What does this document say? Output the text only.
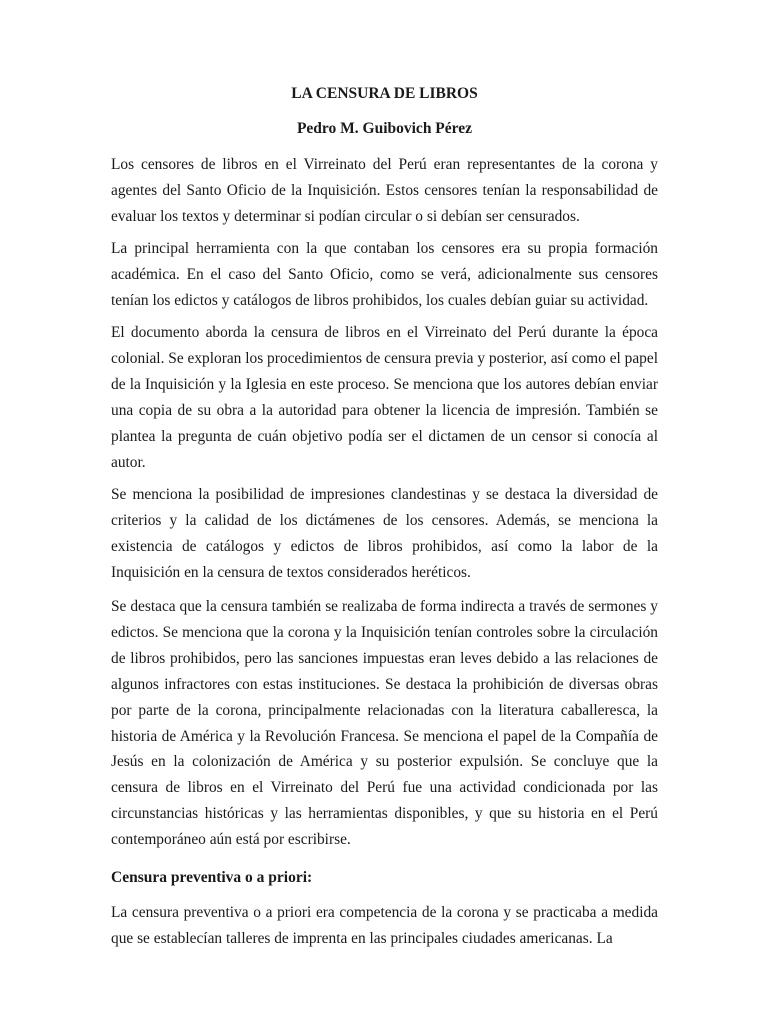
LA CENSURA DE LIBROS
Pedro M. Guibovich Pérez

Los censores de libros en el Virreinato del Perú eran representantes de la corona y agentes del Santo Oficio de la Inquisición. Estos censores tenían la responsabilidad de evaluar los textos y determinar si podían circular o si debían ser censurados.

La principal herramienta con la que contaban los censores era su propia formación académica. En el caso del Santo Oficio, como se verá, adicionalmente sus censores tenían los edictos y catálogos de libros prohibidos, los cuales debían guiar su actividad.

El documento aborda la censura de libros en el Virreinato del Perú durante la época colonial. Se exploran los procedimientos de censura previa y posterior, así como el papel de la Inquisición y la Iglesia en este proceso. Se menciona que los autores debían enviar una copia de su obra a la autoridad para obtener la licencia de impresión. También se plantea la pregunta de cuán objetivo podía ser el dictamen de un censor si conocía al autor.

Se menciona la posibilidad de impresiones clandestinas y se destaca la diversidad de criterios y la calidad de los dictámenes de los censores. Además, se menciona la existencia de catálogos y edictos de libros prohibidos, así como la labor de la Inquisición en la censura de textos considerados heréticos.

Se destaca que la censura también se realizaba de forma indirecta a través de sermones y edictos. Se menciona que la corona y la Inquisición tenían controles sobre la circulación de libros prohibidos, pero las sanciones impuestas eran leves debido a las relaciones de algunos infractores con estas instituciones. Se destaca la prohibición de diversas obras por parte de la corona, principalmente relacionadas con la literatura caballeresca, la historia de América y la Revolución Francesa. Se menciona el papel de la Compañía de Jesús en la colonización de América y su posterior expulsión. Se concluye que la censura de libros en el Virreinato del Perú fue una actividad condicionada por las circunstancias históricas y las herramientas disponibles, y que su historia en el Perú contemporáneo aún está por escribirse.

Censura preventiva o a priori:

La censura preventiva o a priori era competencia de la corona y se practicaba a medida que se establecían talleres de imprenta en las principales ciudades americanas. La
